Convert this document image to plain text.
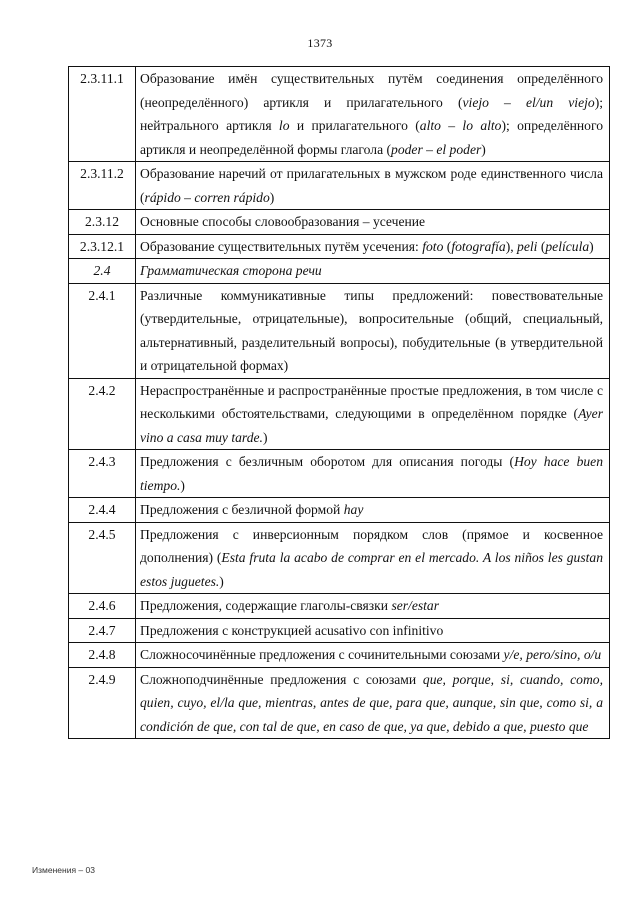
1373
2.3.11.1	Образование имён существительных путём соединения определённого (неопределённого) артикля и прилагательного (viejo – el/un viejo); нейтрального артикля lo и прилагательного (alto – lo alto); определённого артикля и неопределённой формы глагола (poder – el poder)
2.3.11.2	Образование наречий от прилагательных в мужском роде единственного числа (rápido – corren rápido)
2.3.12	Основные способы словообразования – усечение
2.3.12.1	Образование существительных путём усечения: foto (fotografía), peli (película)
2.4	Грамматическая сторона речи
2.4.1	Различные коммуникативные типы предложений: повествовательные (утвердительные, отрицательные), вопросительные (общий, специальный, альтернативный, разделительный вопросы), побудительные (в утвердительной и отрицательной формах)
2.4.2	Нераспространённые и распространённые простые предложения, в том числе с несколькими обстоятельствами, следующими в определённом порядке (Ayer vino a casa muy tarde.)
2.4.3	Предложения с безличным оборотом для описания погоды (Hoy hace buen tiempo.)
2.4.4	Предложения с безличной формой hay
2.4.5	Предложения с инверсионным порядком слов (прямое и косвенное дополнения) (Esta fruta la acabo de comprar en el mercado. A los niños les gustan estos juguetes.)
2.4.6	Предложения, содержащие глаголы-связки ser/estar
2.4.7	Предложения с конструкцией acusativo con infinitivo
2.4.8	Сложносочинённые предложения с сочинительными союзами y/e, pero/sino, o/u
2.4.9	Сложноподчинённые предложения с союзами que, porque, si, cuando, como, quien, cuyo, el/la que, mientras, antes de que, para que, aunque, sin que, como si, a condición de que, con tal de que, en caso de que, ya que, debido a que, puesto que
Изменения – 03
